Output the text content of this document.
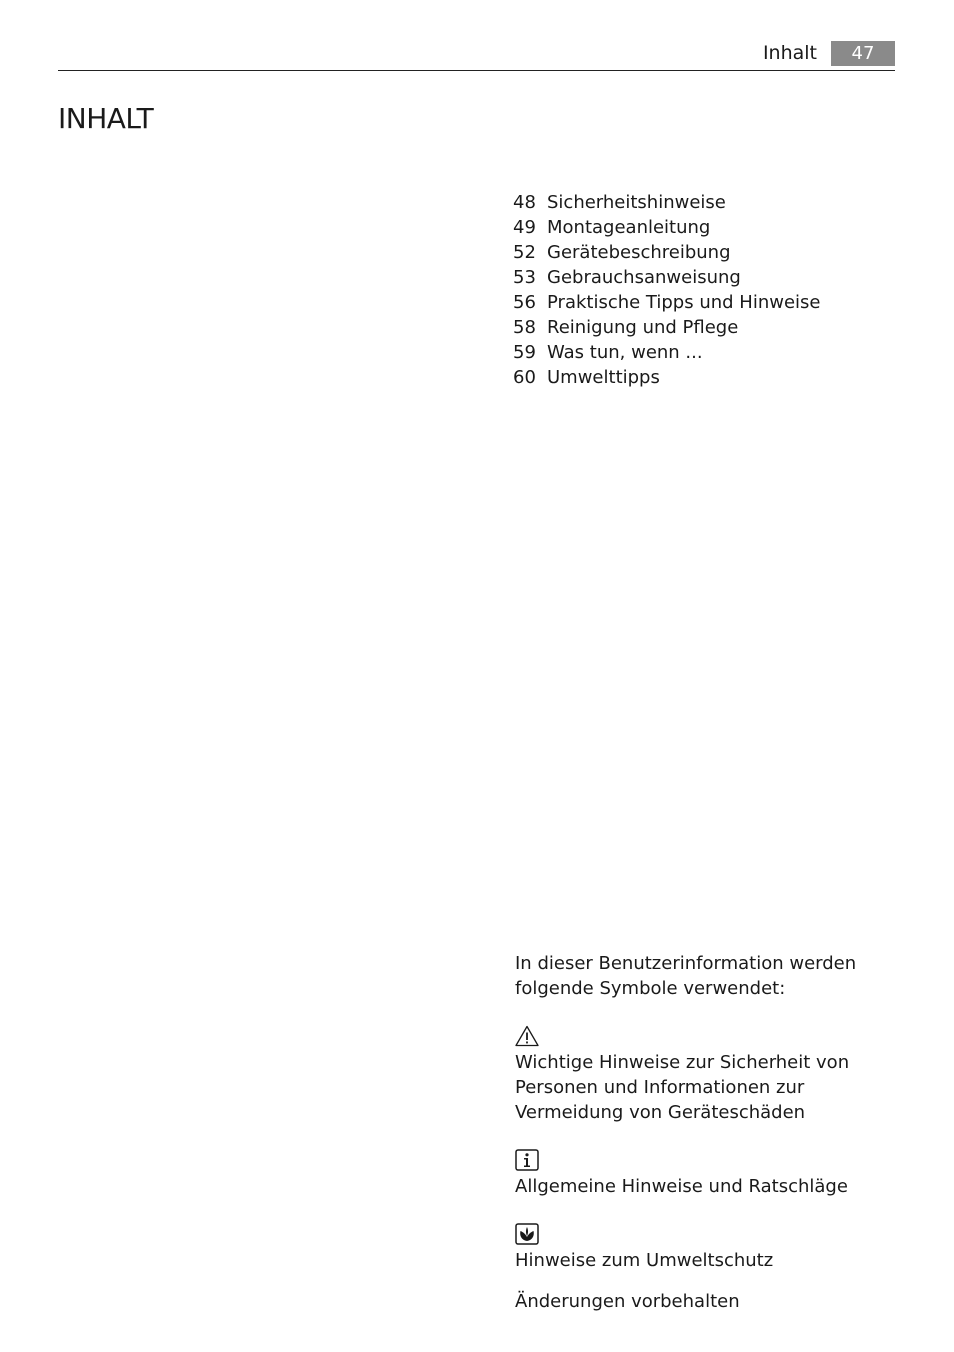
Inhalt	47
INHALT
48 Sicherheitshinweise
49 Montageanleitung
52 Gerätebeschreibung
53 Gebrauchsanweisung
56 Praktische Tipps und Hinweise
58 Reinigung und Pflege
59 Was tun, wenn ...
60 Umwelttipps

In dieser Benutzerinformation werden folgende Symbole verwendet:

Wichtige Hinweise zur Sicherheit von Personen und Informationen zur Vermeidung von Geräteschäden

Allgemeine Hinweise und Ratschläge

Hinweise zum Umweltschutz

Änderungen vorbehalten
